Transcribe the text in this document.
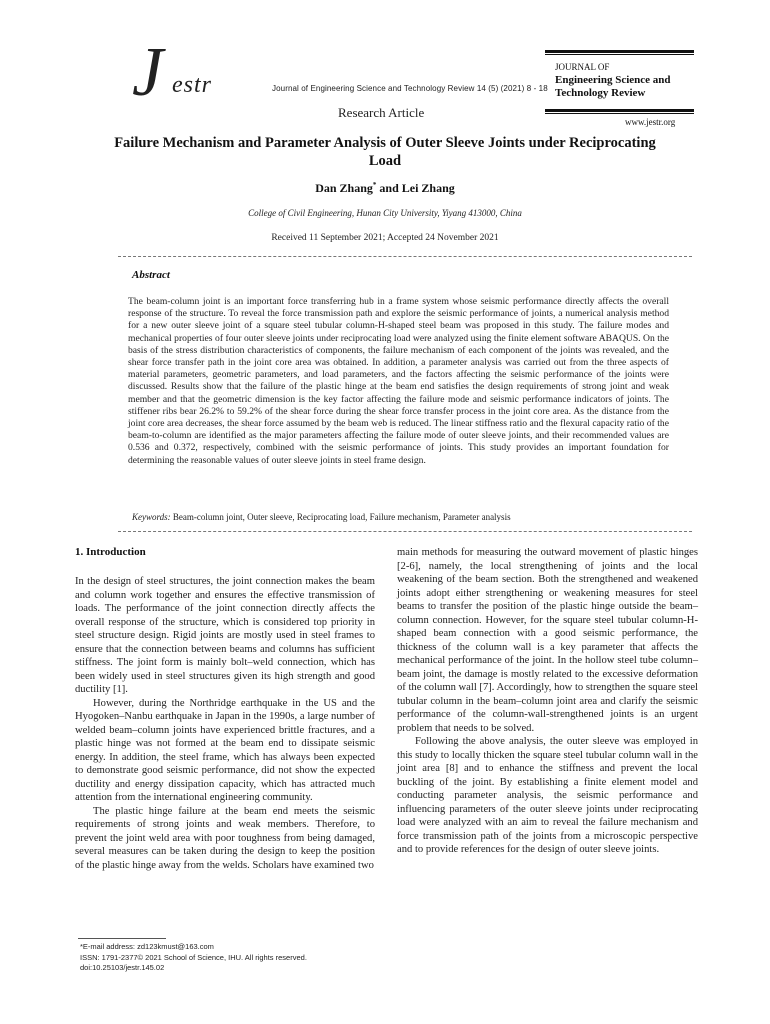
J estr	Journal of Engineering Science and Technology Review 14 (5) (2021) 8 - 18
Research Article
JOURNAL OF
Engineering Science and
Technology Review
www.jestr.org
Failure Mechanism and Parameter Analysis of Outer Sleeve Joints under Reciprocating Load
Dan Zhang* and Lei Zhang
College of Civil Engineering, Hunan City University, Yiyang 413000, China
Received 11 September 2021; Accepted 24 November 2021
Abstract
The beam-column joint is an important force transferring hub in a frame system whose seismic performance directly affects the overall response of the structure. To reveal the force transmission path and explore the seismic performance of joints, a numerical analysis method for a new outer sleeve joint of a square steel tubular column-H-shaped steel beam was proposed in this study. The failure modes and mechanical properties of four outer sleeve joints under reciprocating load were analyzed using the finite element software ABAQUS. On the basis of the stress distribution characteristics of components, the failure mechanism of each component of the joints was revealed, and the shear force transfer path in the joint core area was obtained. In addition, a parameter analysis was carried out from the three aspects of material parameters, geometric parameters, and load parameters, and the factors affecting the seismic performance of the joints were discussed. Results show that the failure of the plastic hinge at the beam end satisfies the design requirements of strong joint and weak member and that the geometric dimension is the key factor affecting the failure mode and seismic performance indicators of joints. The stiffener ribs bear 26.2% to 59.2% of the shear force during the shear force transfer process in the joint core area. As the distance from the joint core area decreases, the shear force assumed by the beam web is reduced. The linear stiffness ratio and the flexural capacity ratio of the beam-to-column are identified as the major parameters affecting the failure mode of outer sleeve joints, and their recommended values are 0.536 and 0.372, respectively, combined with the seismic performance of joints. This study provides an important foundation for determining the reasonable values of outer sleeve joints in steel frame design.
Keywords: Beam-column joint, Outer sleeve, Reciprocating load, Failure mechanism, Parameter analysis
1. Introduction

In the design of steel structures, the joint connection makes the beam and column work together and ensures the effective transmission of loads. The performance of the joint connection directly affects the overall response of the structure, which is considered top priority in steel structure design. Rigid joints are mostly used in steel frames to ensure that the connection between beams and columns has sufficient stiffness. The joint form is mainly bolt–weld connection, which has been widely used in steel structures given its high strength and good ductility [1].

However, during the Northridge earthquake in the US and the Hyogoken–Nanbu earthquake in Japan in the 1990s, a large number of welded beam–column joints have experienced brittle fractures, and a plastic hinge was not formed at the beam end to dissipate seismic energy. In addition, the steel frame, which has always been expected to demonstrate good seismic performance, did not show the expected ductility and energy dissipation capacity, which has attracted much attention from the international engineering community.

The plastic hinge failure at the beam end meets the seismic requirements of strong joints and weak members. Therefore, to prevent the joint weld area with poor toughness from being damaged, several measures can be taken during the design to keep the position of the plastic hinge away from the welds. Scholars have examined two

main methods for measuring the outward movement of plastic hinges [2-6], namely, the local strengthening of joints and the local weakening of the beam section. Both the strengthened and weakened joints adopt either strengthening or weakening measures for steel beams to transfer the position of the plastic hinge outside the beam–column connection. However, for the square steel tubular column-H-shaped beam connection with a good seismic performance, the thickness of the column wall is a key parameter that affects the mechanical performance of the joint. In the hollow steel tube column–beam joint, the damage is mostly related to the excessive deformation of the column wall [7]. Accordingly, how to strengthen the square steel tubular column in the beam–column joint area and clarify the seismic performance of the column-wall-strengthened joints is an urgent problem that needs to be solved.

Following the above analysis, the outer sleeve was employed in this study to locally thicken the square steel tubular column wall in the joint area [8] and to enhance the stiffness and prevent the local buckling of the joint. By establishing a finite element model and conducting parameter analysis, the seismic performance and influencing parameters of the outer sleeve joints under reciprocating load were analyzed with an aim to reveal the failure mechanism and force transmission path of the joints from a microscopic perspective and to provide references for the design of outer sleeve joints.

*E-mail address: zd123kmust@163.com
ISSN: 1791-2377© 2021 School of Science, IHU. All rights reserved.
doi:10.25103/jestr.145.02
